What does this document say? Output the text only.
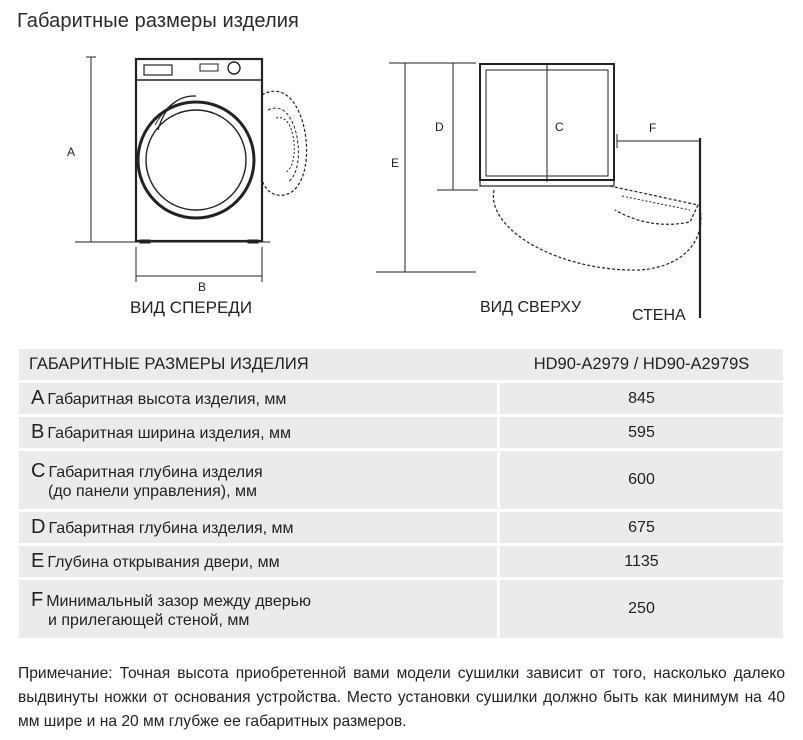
Габаритные размеры изделия
A
B
ВИД СПЕРЕДИ
D	C
E
F
ВИД СВЕРХУ	СТЕНА
ГАБАРИТНЫЕ РАЗМЕРЫ ИЗДЕЛИЯ	HD90-A2979 / HD90-A2979S
A Габаритная высота изделия, мм	845
B Габаритная ширина изделия, мм	595
C Габаритная глубина изделия
(до панели управления), мм	600
D Габаритная глубина изделия, мм	675
E Глубина открывания двери, мм	1135
F Минимальный зазор между дверью
и прилегающей стеной, мм	250
Примечание: Точная высота приобретенной вами модели сушилки зависит от того, насколько далеко выдвинуты ножки от основания устройства. Место установки сушилки должно быть как минимум на 40 мм шире и на 20 мм глубже ее габаритных размеров.
